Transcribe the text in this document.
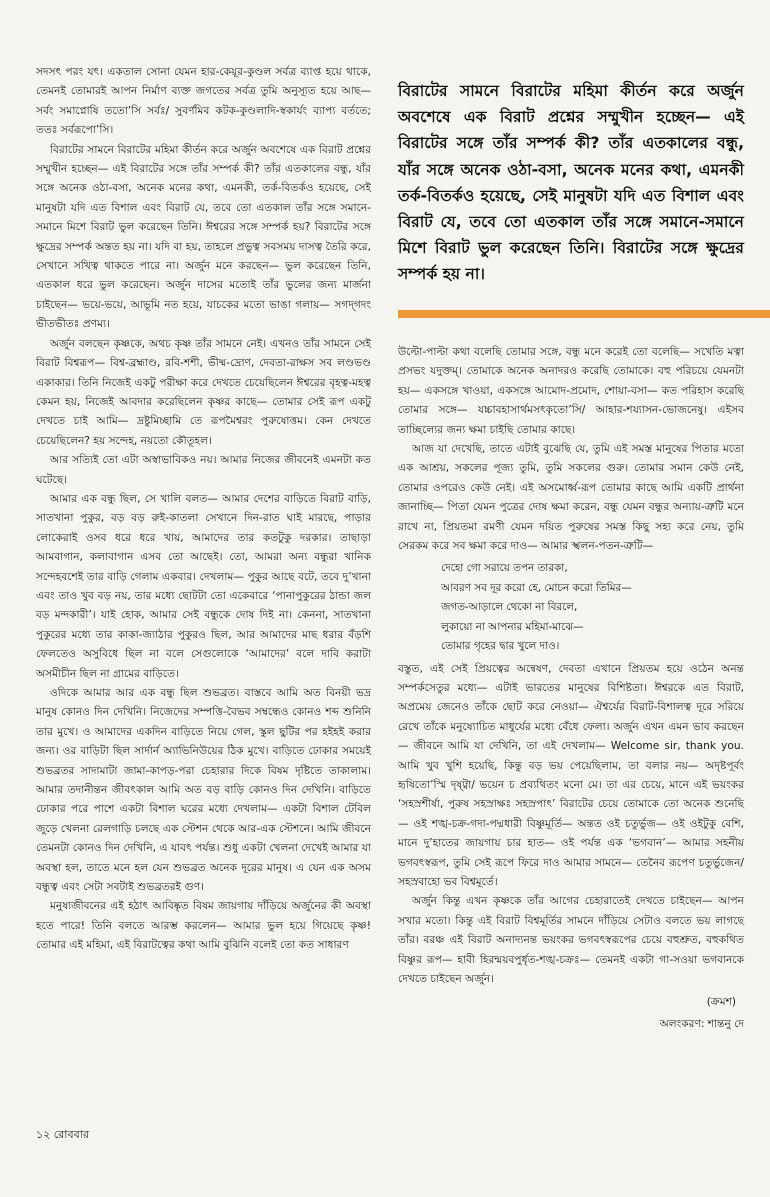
সদসৎ পরং যৎ। একতাল সোনা যেমন হার-কেয়ূর-কুণ্ডল সর্বত্র ব্যাপ্ত হয়ে থাকে, তেমনই তোমারই আপন নির্মাণ ব্যক্ত জগতের সর্বত্র তুমি অনুস্যূত হয়ে আছ— সর্বং সমাপ্নোষি ততো’সি সর্বঃ/ সুবর্ণমিব কটক-কুণ্ডলাদি-স্বকার্যং ব্যাপ্য বর্ততে; ততঃ সর্বরূপো’সি।

বিরাটের সামনে বিরাটের মহিমা কীর্তন করে অর্জুন অবশেষে এক বিরাট প্রশ্নের সম্মুখীন হচ্ছেন— এই বিরাটের সঙ্গে তাঁর সম্পর্ক কী? তাঁর এতকালের বন্ধু, যাঁর সঙ্গে অনেক ওঠা-বসা, অনেক মনের কথা, এমনকী, তর্ক-বিতর্কও হয়েছে, সেই মানুষটা যদি এত বিশাল এবং বিরাট যে, তবে তো এতকাল তাঁর সঙ্গে সমানে-সমানে মিশে বিরাট ভুল করেছেন তিনি। ঈশ্বরের সঙ্গে সম্পর্ক হয়? বিরাটের সঙ্গে ক্ষুদ্রের সম্পর্ক অন্তত হয় না। যদি বা হয়, তাহলে প্রভুত্ব সবসময় দাসত্ব তৈরি করে, সেখানে সখিত্ব থাকতে পারে না। অর্জুন মনে করছেন— ভুল করেছেন তিনি, এতকাল ধরে ভুল করেছেন। অর্জুন দাসের মতোই তাঁর ভুলের জন্য মার্জনা চাইছেন— ভয়ে-ভয়ে, আভূমি নত হয়ে, যাচকের মতো ভাঙা গলায়— সগদ্‌গদং ভীতভীতঃ প্রণম্য।

অর্জুন বলছেন কৃষ্ণকে, অথচ কৃষ্ণ তাঁর সামনে নেই। এখনও তাঁর সামনে সেই বিরাট বিশ্বরূপ— বিশ্ব-ব্রহ্মাণ্ড, রবি-শশী, ভীষ্ম-দ্রোণ, দেবতা-রাক্ষস সব লণ্ডভণ্ড একাকার। তিনি নিজেই একটু পরীক্ষা করে দেখতে চেয়েছিলেন ঈশ্বরের বৃহত্ব-মহত্ব কেমন হয়, নিজেই আবদার করেছিলেন কৃষ্ণর কাছে— তোমার সেই রূপ একটু দেখতে চাই আমি— দ্রষ্টুমিচ্ছামি তে রূপমৈশ্বরং পুরুষোত্তম। কেন দেখতে চেয়েছিলেন? হয় সন্দেহ, নয়তো কৌতূহল।

আর সত্যিই তো এটা অস্বাভাবিকও নয়। আমার নিজের জীবনেই এমনটা কত ঘটেছে।

আমার এক বন্ধু ছিল, সে খালি বলত— আমার দেশের বাড়িতে বিরাট বাড়ি, সাতখানা পুকুর, বড় বড় রুই-কাতলা সেখানে দিন-রাত ঘাই মারছে, পাড়ার লোকেরাই ওসব ধরে ধরে খায়, আমাদের তার কতটুকু দরকার। তাছাড়া আমবাগান, কলাবাগান এসব তো আছেই। তো, আমরা অন্য বন্ধুরা খানিক সন্দেহবশেই তার বাড়ি গেলাম একবার। দেখলাম— পুকুর আছে বটে, তবে দু’খানা এবং তাও খুব বড় নয়, তার মধ্যে ছোটটা তো একেবারে ‘পানাপুকুরের ঠান্ডা জল বড় মন্দকারী’। যাই হোক, আমার সেই বন্ধুকে দোষ দিই না। কেননা, সাতখানা পুকুরের মধ্যে তার কাকা-জ্যাঠার পুকুরও ছিল, আর আমাদের মাছ ধরার বঁড়শি ফেলতেও অসুবিধে ছিল না বলে সেগুলোকে ‘আমাদের’ বলে দাবি করাটা অসমীচীন ছিল না গ্রামের বাড়িতে।

ওদিকে আমার আর এক বন্ধু ছিল শুভব্রত। বাস্তবে আমি অত বিনয়ী ভদ্র মানুষ কোনও দিন দেখিনি। নিজেদের সম্পত্তি-বৈভব সম্বন্ধেও কোনও শব্দ শুনিনি তার মুখে। ও আমাদের একদিন বাড়িতে নিয়ে গেল, স্কুল ছুটির পর হইহই করার জন্য। ওর বাড়িটা ছিল সার্দার্ন অ্যাভিনিউয়ের ঠিক মুখে। বাড়িতে ঢোকার সময়েই শুভব্রতর সাদামাটা জামা-কাপড়-পরা চেহারার দিকে বিষম দৃষ্টিতে তাকালাম। আমার তদানীন্তন জীবৎকাল আমি অত বড় বাড়ি কোনও দিন দেখিনি। বাড়িতে ঢোকার পরে পাশে একটা বিশাল ঘরের মধ্যে দেখলাম— একটা বিশাল টেবিল জুড়ে খেলনা রেলগাড়ি চলছে এক স্টেশন থেকে আর-এক স্টেশনে। আমি জীবনে তেমনটা কোনও দিন দেখিনি, এ যাবৎ পর্যন্ত। শুধু একটা খেলনা দেখেই আমার যা অবস্থা হল, তাতে মনে হল যেন শুভব্রত অনেক দূরের মানুষ। এ যেন এক অসম বন্ধুত্ব এবং সেটা সবটাই শুভব্রতরই গুণ।

মনুষ্যজীবনের এই হঠাৎ আবিষ্কৃত বিষম জায়গায় দাঁড়িয়ে অর্জুনের কী অবস্থা হতে পারে! তিনি বলতে আরম্ভ করলেন— আমার ভুল হয়ে গিয়েছে কৃষ্ণ! তোমার এই মহিমা, এই বিরাটত্বের কথা আমি বুঝিনি বলেই তো কত সাধারণ

বিরাটের সামনে বিরাটের মহিমা কীর্তন করে অর্জুন অবশেষে এক বিরাট প্রশ্নের সম্মুখীন হচ্ছেন— এই বিরাটের সঙ্গে তাঁর সম্পর্ক কী? তাঁর এতকালের বন্ধু, যাঁর সঙ্গে অনেক ওঠা-বসা, অনেক মনের কথা, এমনকী তর্ক-বিতর্কও হয়েছে, সেই মানুষটা যদি এত বিশাল এবং বিরাট যে, তবে তো এতকাল তাঁর সঙ্গে সমানে-সমানে মিশে বিরাট ভুল করেছেন তিনি। বিরাটের সঙ্গে ক্ষুদ্রের সম্পর্ক হয় না।

উল্টো-পাল্টা কথা বলেছি তোমার সঙ্গে, বন্ধু মনে করেই তো বলেছি— সখেতি মত্বা প্রসভং যদুক্তম্। তোমাকে অনেক অনাদরও করেছি তোমাকে। বহু পরিচয়ে যেমনটা হয়— একসঙ্গে খাওয়া, একসঙ্গে আমোদ-প্রমোদ, শোয়া-বসা— কত পরিহাস করেছি তোমার সঙ্গে— যচ্চাবহাসার্থমসৎকৃতো’সি/ আহার-শয্যাসন-ভোজনেষু। এইসব তাচ্ছিল্যের জন্য ক্ষমা চাইছি তোমার কাছে।

আজ যা দেখেছি, তাতে এটাই বুঝেছি যে, তুমি এই সমস্ত মানুষের পিতার মতো এক আশ্রয়, সকলের পূজ্য তুমি, তুমি সকলের গুরু। তোমার সমান কেউ নেই, তোমার ওপরেও কেউ নেই। এই অসমোর্ধ্ব-রূপ তোমার কাছে আমি একটি প্রার্থনা জানাচ্ছি— পিতা যেমন পুত্রের দোষ ক্ষমা করেন, বন্ধু যেমন বন্ধুর অন্যায়-ত্রুটি মনে রাখে না, প্রিয়তমা রমণী যেমন দয়িত পুরুষের সমস্ত কিছু সহ্য করে নেয়, তুমি সেরকম করে সব ক্ষমা করে দাও— আমার স্খলন-পতন-ত্রুটি—

দেহো গো সরায়ে তপন তারকা,
আবরণ সব দূর করো হে, মোচন করো তিমির—
জগত-আড়ালে থেকো না বিরলে,
লুকায়ো না আপনার মহিমা-মাঝে—
তোমার গৃহের দ্বার খুলে দাও।

বস্তুত, এই সেই প্রিয়ত্বের অন্বেষণ, দেবতা এখানে প্রিয়তম হয়ে ওঠেন অনন্ত সম্পর্কসেতুর মধ্যে— এটাই ভারতের মানুষের বিশিষ্টতা। ঈশ্বরকে এত বিরাট, অপ্রমেয় জেনেও তাঁকে ছোট করে নেওয়া— ঐশ্বর্যের বিরাট-বিশালত্ব দূরে সরিয়ে রেখে তাঁকে মনুষ্যোচিত মাধুর্যের মধ্যে বেঁধে ফেলা। অর্জুন এখন এমন ভাব করছেন— জীবনে আমি যা দেখিনি, তা এই দেখলাম— Welcome sir, thank you. আমি খুব খুশি হয়েছি, কিন্তু বড় ভয় পেয়েছিলাম, তা বলার নয়— অদৃষ্টপূর্বং হৃষিতো’স্মি দৃষ্ট্বা/ ভয়েন চ প্রব্যথিতং মনো মে। তা এর চেয়ে, মানে এই ভয়ংকর ‘সহস্রশীর্ষা, পুরুষ সহস্রাক্ষঃ সহস্রপাৎ’ বিরাটের চেয়ে তোমাকে তো অনেক শুনেছি— ওই শঙ্খ-চক্র-গদা-পদ্মধারী বিষ্ণুমূর্তি— অন্তত ওই চতুর্ভুজ— ওই ওইটুকু বেশি, মানে দু’হাতের জায়গায় চার হাত— ওই পর্যন্ত এক ‘ভগবান’— আমার সহনীয় ভগবৎস্বরূপ, তুমি সেই রূপে ফিরে দাও আমার সামনে— তেনৈব রূপেণ চতুর্ভুজেন/ সহস্রবাহো ভব বিশ্বমূর্তে।

অর্জুন কিন্তু এখন কৃষ্ণকে তাঁর আগের চেহারাতেই দেখতে চাইছেন— আপন সখার মতো। কিন্তু এই বিরাট বিশ্বমূর্তির সামনে দাঁড়িয়ে সেটাও বলতে ভয় লাগছে তাঁর। বরঞ্চ এই বিরাট অনাদ্যনন্ত ভয়ংকর ভগবৎস্বরূপের চেয়ে বহুশ্রুত, বহুকথিত বিষ্ণুর রূপ— হাবী হিরন্ময়বপুর্ধৃত-শঙ্খ-চক্রঃ— তেমনই একটা গা-সওয়া ভগবানকে দেখতে চাইছেন অর্জুন।

(ক্রমশ)
অলংকরণ: শান্তনু দে
১২ রোববার
